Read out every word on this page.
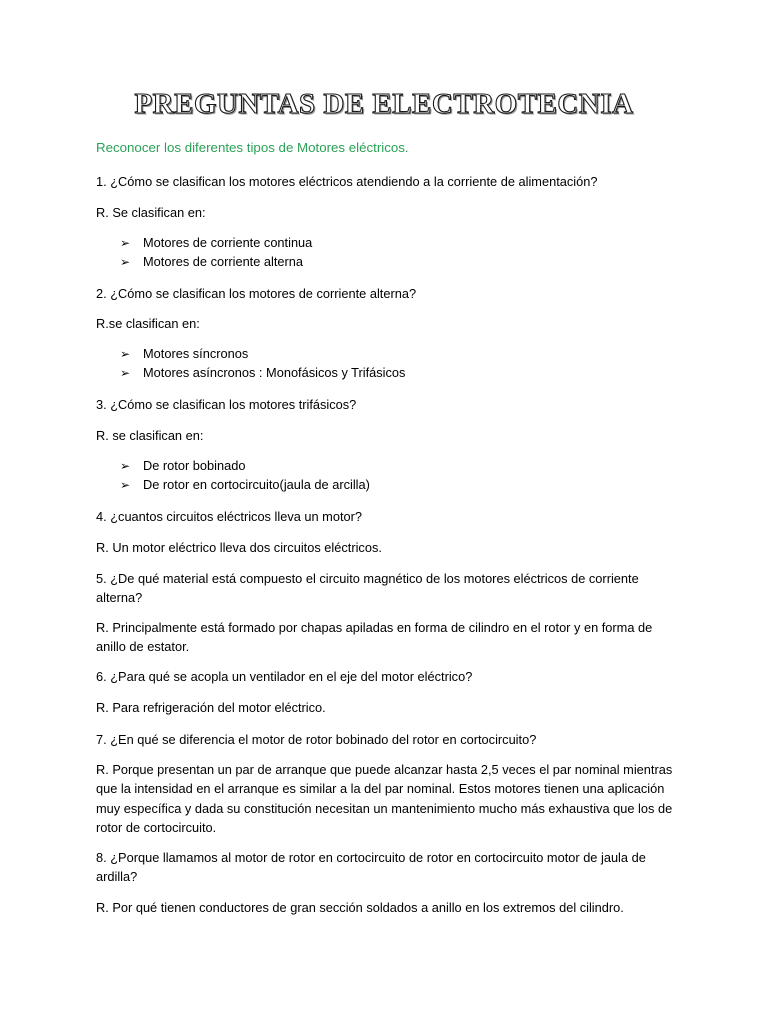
PREGUNTAS DE ELECTROTECNIA
Reconocer los diferentes tipos de Motores eléctricos.
1. ¿Cómo se clasifican los motores eléctricos atendiendo a la corriente de alimentación?
R. Se clasifican en:
➢ Motores de corriente continua
➢ Motores de corriente alterna
2. ¿Cómo se clasifican los motores de corriente alterna?
R.se clasifican en:
➢ Motores síncronos
➢ Motores asíncronos : Monofásicos y Trifásicos
3. ¿Cómo se clasifican los motores trifásicos?
R. se clasifican en:
➢ De rotor bobinado
➢ De rotor en cortocircuito(jaula de arcilla)
4. ¿cuantos circuitos eléctricos lleva un motor?
R. Un motor eléctrico lleva dos circuitos eléctricos.
5. ¿De qué material está compuesto el circuito magnético de los motores eléctricos de corriente alterna?
R. Principalmente está formado por chapas apiladas en forma de cilindro en el rotor y en forma de anillo de estator.
6. ¿Para qué se acopla un ventilador en el eje del motor eléctrico?
R. Para refrigeración del motor eléctrico.
7. ¿En qué se diferencia el motor de rotor bobinado del rotor en cortocircuito?
R. Porque presentan un par de arranque que puede alcanzar hasta 2,5 veces el par nominal mientras que la intensidad en el arranque es similar a la del par nominal. Estos motores tienen una aplicación muy específica y dada su constitución necesitan un mantenimiento mucho más exhaustiva que los de rotor de cortocircuito.
8. ¿Porque llamamos al motor de rotor en cortocircuito de rotor en cortocircuito motor de jaula de ardilla?
R. Por qué tienen conductores de gran sección soldados a anillo en los extremos del cilindro.
